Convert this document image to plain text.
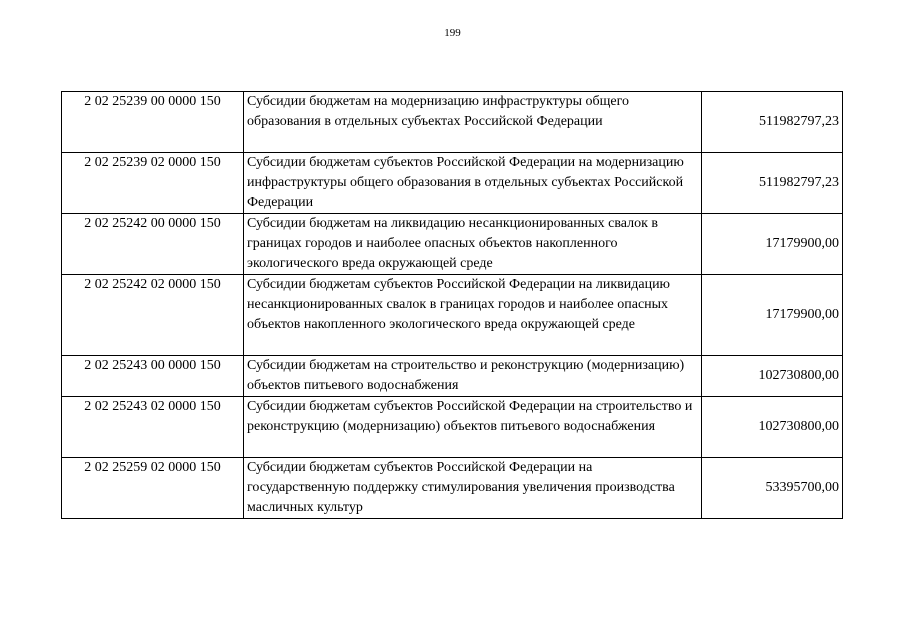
199
2 02 25239 00 0000 150	Субсидии бюджетам на модернизацию инфраструктуры общего образования в отдельных субъектах Российской Федерации	511982797,23
2 02 25239 02 0000 150	Субсидии бюджетам субъектов Российской Федерации на модернизацию инфраструктуры общего образования в отдельных субъектах Российской Федерации	511982797,23
2 02 25242 00 0000 150	Субсидии бюджетам на ликвидацию несанкционированных свалок в границах городов и наиболее опасных объектов накопленного экологического вреда окружающей среде	17179900,00
2 02 25242 02 0000 150	Субсидии бюджетам субъектов Российской Федерации на ликвидацию несанкционированных свалок в границах городов и наиболее опасных объектов накопленного экологического вреда окружающей среде	17179900,00
2 02 25243 00 0000 150	Субсидии бюджетам на строительство и реконструкцию (модернизацию) объектов питьевого водоснабжения	102730800,00
2 02 25243 02 0000 150	Субсидии бюджетам субъектов Российской Федерации на строительство и реконструкцию (модернизацию) объектов питьевого водоснабжения	102730800,00
2 02 25259 02 0000 150	Субсидии бюджетам субъектов Российской Федерации на государственную поддержку стимулирования увеличения производства масличных культур	53395700,00
